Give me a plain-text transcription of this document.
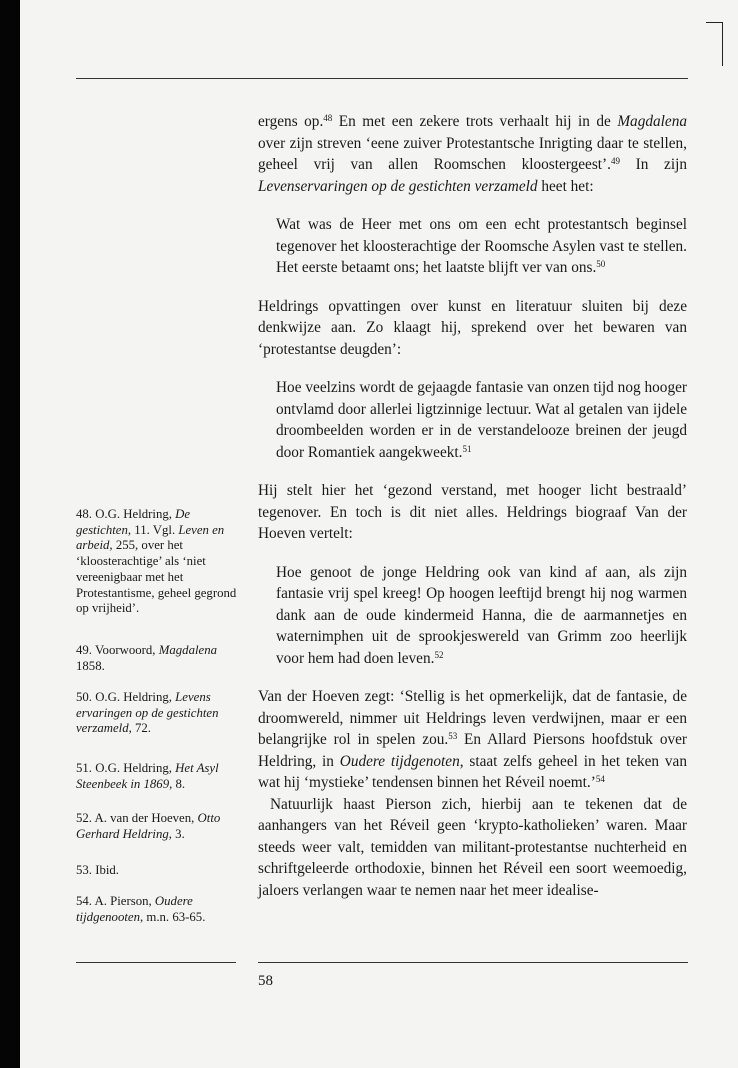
ergens op.$^{48}$ En met een zekere trots verhaalt hij in de Magdalena over zijn streven ‘eene zuiver Protestantsche Inrigting daar te stellen, geheel vrij van allen Roomschen kloostergeest’.$^{49}$ In zijn Levenservaringen op de gestichten verzameld heet het:

Wat was de Heer met ons om een echt protestantsch beginsel tegenover het kloosterachtige der Roomsche Asylen vast te stellen. Het eerste betaamt ons; het laatste blijft ver van ons.$^{50}$

Heldrings opvattingen over kunst en literatuur sluiten bij deze denkwijze aan. Zo klaagt hij, sprekend over het bewaren van ‘protestantse deugden’:

Hoe veelzins wordt de gejaagde fantasie van onzen tijd nog hooger ontvlamd door allerlei ligtzinnige lectuur. Wat al getalen van ijdele droombeelden worden er in de verstandelooze breinen der jeugd door Romantiek aangekweekt.$^{51}$

Hij stelt hier het ‘gezond verstand, met hooger licht bestraald’ tegenover. En toch is dit niet alles. Heldrings biograaf Van der Hoeven vertelt:

Hoe genoot de jonge Heldring ook van kind af aan, als zijn fantasie vrij spel kreeg! Op hoogen leeftijd brengt hij nog warmen dank aan de oude kindermeid Hanna, die de aarmannetjes en waternimphen uit de sprookjeswereld van Grimm zoo heerlijk voor hem had doen leven.$^{52}$

Van der Hoeven zegt: ‘Stellig is het opmerkelijk, dat de fantasie, de droomwereld, nimmer uit Heldrings leven verdwijnen, maar er een belangrijke rol in spelen zou.$^{53}$ En Allard Piersons hoofdstuk over Heldring, in Oudere tijdgenoten, staat zelfs geheel in het teken van wat hij ‘mystieke’ tendensen binnen het Réveil noemt.’$^{54}$

Natuurlijk haast Pierson zich, hierbij aan te tekenen dat de aanhangers van het Réveil geen ‘krypto-katholieken’ waren. Maar steeds weer valt, temidden van militant-protestantse nuchterheid en schriftgeleerde orthodoxie, binnen het Réveil een soort weemoedig, jaloers verlangen waar te nemen naar het meer idealise-

48. O.G. Heldring, De gestichten, 11. Vgl. Leven en arbeid, 255, over het ‘kloosterachtige’ als ‘niet vereenigbaar met het Protestantisme, geheel gegrond op vrijheid’.

49. Voorwoord, Magdalena 1858.

50. O.G. Heldring, Levens ervaringen op de gestichten verzameld, 72.

51. O.G. Heldring, Het Asyl Steenbeek in 1869, 8.

52. A. van der Hoeven, Otto Gerhard Heldring, 3.

53. Ibid.

54. A. Pierson, Oudere tijdgenooten, m.n. 63-65.

58
